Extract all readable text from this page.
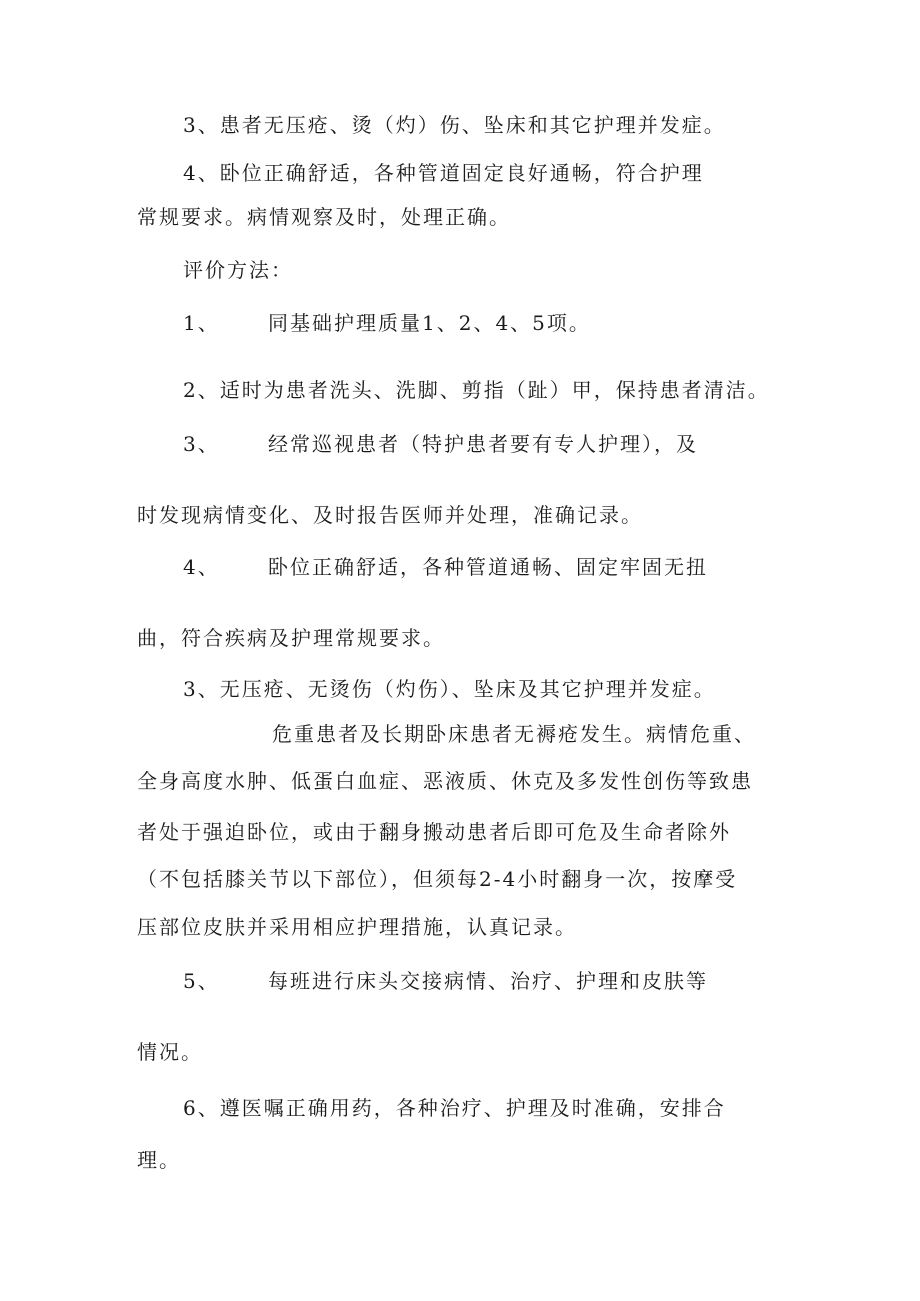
3、患者无压疮、烫（灼）伤、坠床和其它护理并发症。
4、卧位正确舒适，各种管道固定良好通畅，符合护理
常规要求。病情观察及时，处理正确。
评价方法：
1、 同基础护理质量1、2、4、5项。
2、适时为患者洗头、洗脚、剪指（趾）甲，保持患者清洁。
3、 经常巡视患者（特护患者要有专人护理），及
时发现病情变化、及时报告医师并处理，准确记录。
4、 卧位正确舒适，各种管道通畅、固定牢固无扭
曲，符合疾病及护理常规要求。
3、无压疮、无烫伤（灼伤）、坠床及其它护理并发症。
危重患者及长期卧床患者无褥疮发生。病情危重、
全身高度水肿、低蛋白血症、恶液质、休克及多发性创伤等致患
者处于强迫卧位，或由于翻身搬动患者后即可危及生命者除外
（不包括膝关节以下部位），但须每2-4小时翻身一次，按摩受
压部位皮肤并采用相应护理措施，认真记录。
5、 每班进行床头交接病情、治疗、护理和皮肤等
情况。
6、遵医嘱正确用药，各种治疗、护理及时准确，安排合
理。
